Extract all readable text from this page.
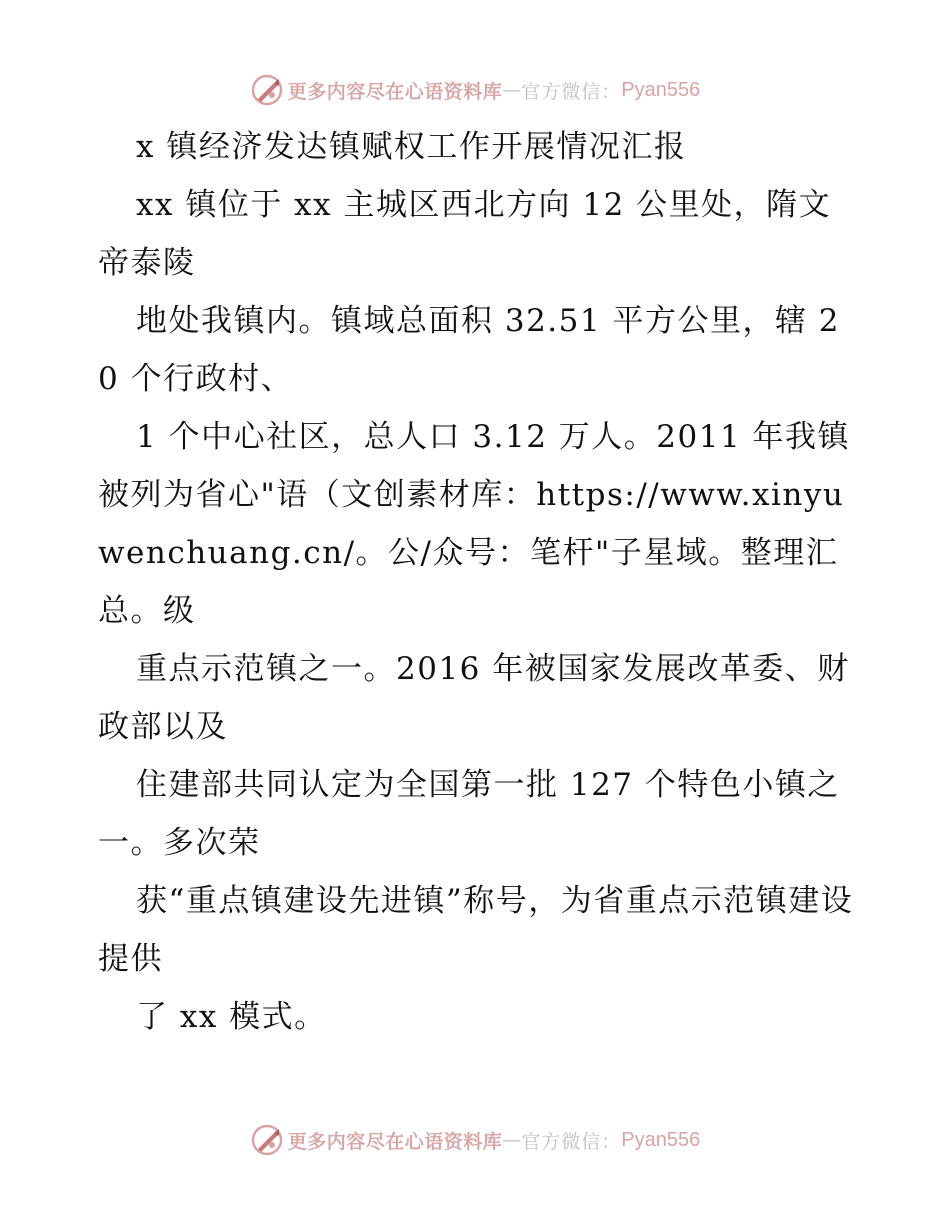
更多内容尽在心语资料库 — 官方微信： Pyan556

x 镇经济发达镇赋权工作开展情况汇报

xx 镇位于 xx 主城区西北方向 12 公里处，隋文帝泰陵

地处我镇内。镇域总面积 32.51 平方公里，辖 20 个行政村、

1 个中心社区，总人口 3.12 万人。2011 年我镇被列为省心"语（文创素材库：https://www.xinyuwenchuang.cn/。公/众号：笔杆"子星域。整理汇总。级

重点示范镇之一。2016 年被国家发展改革委、财政部以及

住建部共同认定为全国第一批 127 个特色小镇之一。多次荣

获“重点镇建设先进镇”称号，为省重点示范镇建设提供

了 xx 模式。

更多内容尽在心语资料库 — 官方微信： Pyan556
